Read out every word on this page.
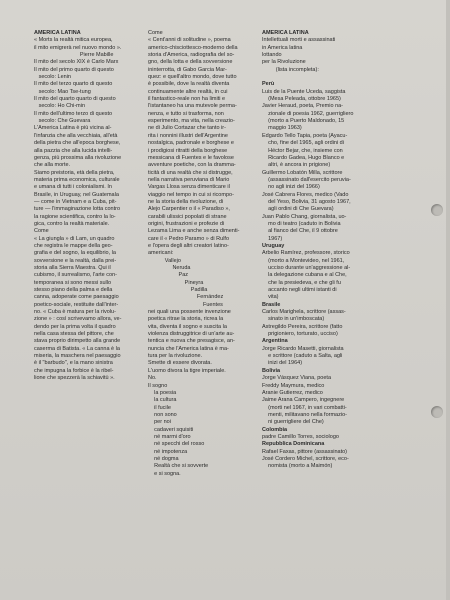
AMERICA LATINA
« Morts la realtà mitica europea,
il mito emigrerà nel nuovo mondo ».
Pierre Mabille
Il mito del secolo XIX è Carlo Marx
Il mito del primo quarto di questo
secolo: Lenin
Il mito del terzo quarto di questo
secolo: Mao Tse-tung
Il mito del quarto quarto di questo
secolo: Ho Chi-min
Il mito dell'ultimo terzo di questo
secolo: Che Guevara
L'America Latina è più vicina al-
l'infanzia che alla vecchiaia, all'età
della pietra che all'epoca borghese,
alla pazzia che alla lucida intelli-
genza, più prossima alla rivoluzione
che alla morte.
Siamo preistoria, età della pietra,
materia prima economica, culturale
e umana di tutti i colonialismi. In
Brasile, in Uruguay, nel Guatemala
— come in Vietnam e a Cuba, pit-
ture — l'immaginazione lotta contro
la ragione scientifica, contro la lo-
gica, contro la realtà materiale.
Come
« La giungla » di Lam, un quadro
che registra le mappe della geo-
grafia e del sogno, la equilibrio, la
sovversione e la realtà, dalla prei-
storia alla Sierra Maestra. Qui il
cubismo, il surrealismo, l'arte con-
temporanea si sono messi sullo
stesso piano della palma e della
canna, adoperate come paesaggio
poetico-sociale, restituite dall'inter-
no. « Cuba è matura per la rivolu-
zione » : così scrivevamo allora, ve-
dendo per la prima volta il quadro
nella casa stessa del pittore, che
stava proprio dirimpetto alla grande
caserma di Batista. « La canna è la
miseria, la maschera nel paesaggio
è il "barbudo", e la mano sinistra
che impugna la forbice è la ribel-
lione che spezzerà la schiavitù ».
Come
« Cent'anni di solitudine », poema
americo-chisciottesco-moderno della
storia d'America, radiografia del so-
gno, della lotta e della sovversione
ininterrotta, di Gabo Garcia Mar-
quez: e quell'altro mondo, dove tutto
è possibile, dove la realtà diventa
continuamente altre realtà, in cui
il fantastico-reale non ha limiti e
l'istantaneo ha una mutevole perma-
nenza, e tutto si trasforma, non
esperimento, ma vita, nella creazio-
ne di Julio Cortazar che tanto ir-
rita i nonnini illustri dell'Argentine
nostalgica, padronale e borghese e
i prodigiosi ritratti della borghese
messicana di Fuentes e le favolose
avventure poetiche, con la dramma-
ticità di una realtà che si distrugge,
nella narrativa peruviana di Mario
Vargas Llosa senza dimenticare il
viaggio nel tempo in cui si ricompo-
ne la storia della rivoluzione, di
Alejo Carpentier o il « Paradiso »,
carabili ulissici popolati di strane
origini, frustrazioni e profezie di
Lezama Lima e anche senza dimenti-
care il « Pedro Paramo » di Rulfo
e l'opera degli altri creatori latino-
americani:
Vallejo
Neruda
Paz
Pineyra
Padilla
Fernández
Fuentes
nei quali una possente invenzione
poetica ritrae la storia, ricrea la
vita, diventa il sogno e suscita la
violenza distruggitrice di un'arte au-
tentica e nuova che presagisce, an-
nuncia che l'America latina è ma-
tura per la rivoluzione.
Smette di essere divorata.
L'uomo divora la tigre imperiale.
No.
Il sogno
la poesia
la cultura
il fucile
non sono
per noi
cadaveri squisiti
né marmi d'oro
né specchi del rosso
né impotenza
né dogma
Realtà che si sovverte
e si sogna.
AMERICA LATINA
Intellettuali morti e assassinati
in America latina
lottando
per la Rivoluzione
(lista incompleta):

Perù
Luis de la Puente Uceda, saggista
(Mesa Peleada, ottobre 1965)
Javier Heraud, poeta, Premio na-
zionale di poesia 1962, guerrigliero
(morto a Puerto Maldonado, 15
maggio 1963)
Edgardo Tello Tapia, poeta (Ayacu-
cho, fine del 1965, agli ordini di
Héctor Bejar, che, insieme con
Ricardo Gadea, Hugo Blanco e
altri, è ancora in prigione)
Guillermo Lobatón Milla, scrittore
(assassinato dall'esercito peruvia-
no agli inizi del 1966)
José Cabrera Flores, medico (Vado
del Yeso, Bolivia, 31 agosto 1967,
agli ordini di Che Guevara)
Juan Pablo Chang, giornalista, uo-
mo di teatro (caduto in Bolivia
al fianco del Che, il 9 ottobre
1967)
Uruguay
Arbelio Ramírez, professore, storico
(morto a Montevideo, nel 1961,
ucciso durante un'aggressione al-
la delegazione cubana e al Che,
che la presiedeva, e che gli fu
accanto negli ultimi istanti di
vita)
Brasile
Carlos Marighela, scrittore (assas-
sinato in un'imboscata)
Astregildo Pereira, scrittore (fatto
prigioniero, torturato, ucciso)
Argentina
Jorge Ricardo Masetti, giornalista
e scrittore (caduto a Salta, agli
inizi del 1964)
Bolivia
Jorge Vásquez Viana, poeta
Freddy Maymura, medico
Aranie Gutierrez, medico
Jaime Arana Campero, ingegnere
(morti nel 1967, in vari combatti-
menti, militavano nella formazio-
ni guerrigliere del Che)
Colombia
padre Camillo Torres, sociologo
Repubblica Dominicana
Rafael Faxas, pittore (assassinato)
José Cordero Michel, scrittore, eco-
nomista (morto a Maimón)
